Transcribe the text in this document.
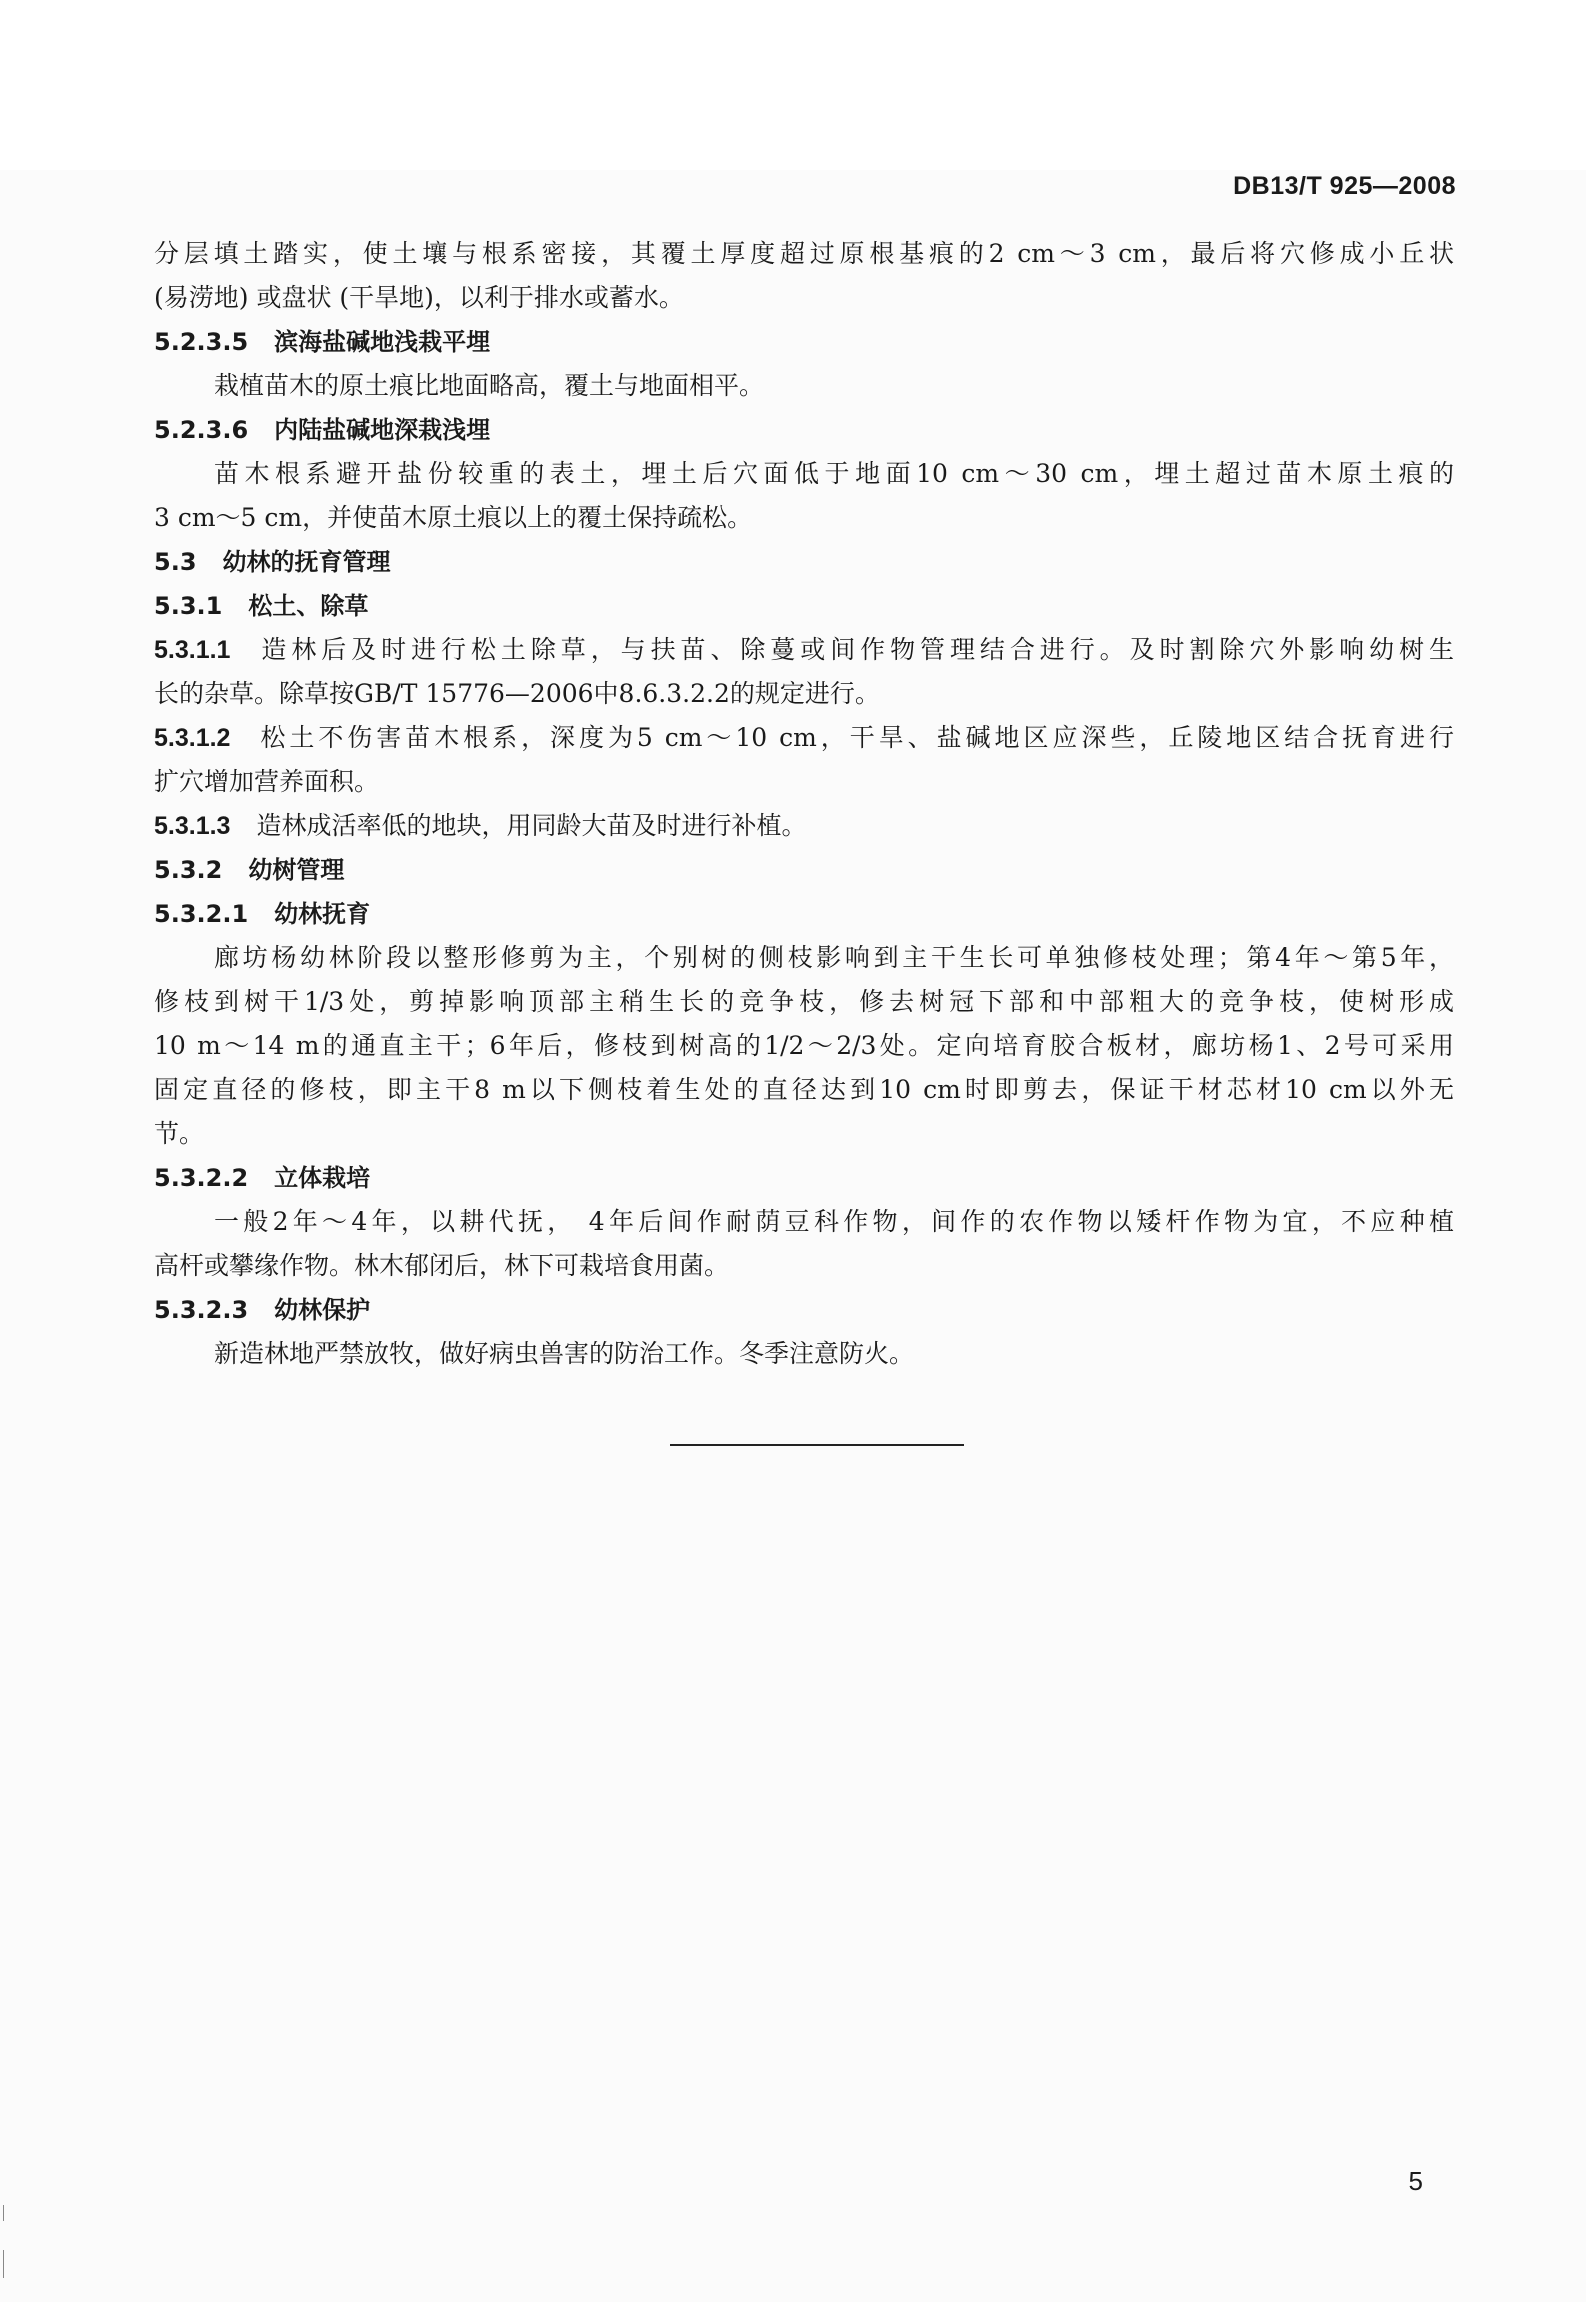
DB13/T 925—2008
分层填土踏实，使土壤与根系密接，其覆土厚度超过原根基痕的2 cm～3 cm，最后将穴修成小丘状
(易涝地) 或盘状 (干旱地)，以利于排水或蓄水。
5.2.3.5 滨海盐碱地浅栽平埋
栽植苗木的原土痕比地面略高，覆土与地面相平。
5.2.3.6 内陆盐碱地深栽浅埋
苗木根系避开盐份较重的表土，埋土后穴面低于地面10 cm～30 cm，埋土超过苗木原土痕的
3 cm～5 cm，并使苗木原土痕以上的覆土保持疏松。
5.3 幼林的抚育管理
5.3.1 松土、除草
5.3.1.1 造林后及时进行松土除草，与扶苗、除蔓或间作物管理结合进行。及时割除穴外影响幼树生
长的杂草。除草按GB/T 15776—2006中8.6.3.2.2的规定进行。
5.3.1.2 松土不伤害苗木根系，深度为5 cm～10 cm，干旱、盐碱地区应深些，丘陵地区结合抚育进行
扩穴增加营养面积。
5.3.1.3 造林成活率低的地块，用同龄大苗及时进行补植。
5.3.2 幼树管理
5.3.2.1 幼林抚育
廊坊杨幼林阶段以整形修剪为主，个别树的侧枝影响到主干生长可单独修枝处理；第4年～第5年，
修枝到树干1/3处，剪掉影响顶部主稍生长的竞争枝，修去树冠下部和中部粗大的竞争枝，使树形成
10 m～14 m的通直主干；6年后，修枝到树高的1/2～2/3处。定向培育胶合板材，廊坊杨1、2号可采用
固定直径的修枝，即主干8 m以下侧枝着生处的直径达到10 cm时即剪去，保证干材芯材10 cm以外无
节。
5.3.2.2 立体栽培
一般2年～4年，以耕代抚， 4年后间作耐荫豆科作物，间作的农作物以矮杆作物为宜，不应种植
高杆或攀缘作物。林木郁闭后，林下可栽培食用菌。
5.3.2.3 幼林保护
新造林地严禁放牧，做好病虫兽害的防治工作。冬季注意防火。
5
